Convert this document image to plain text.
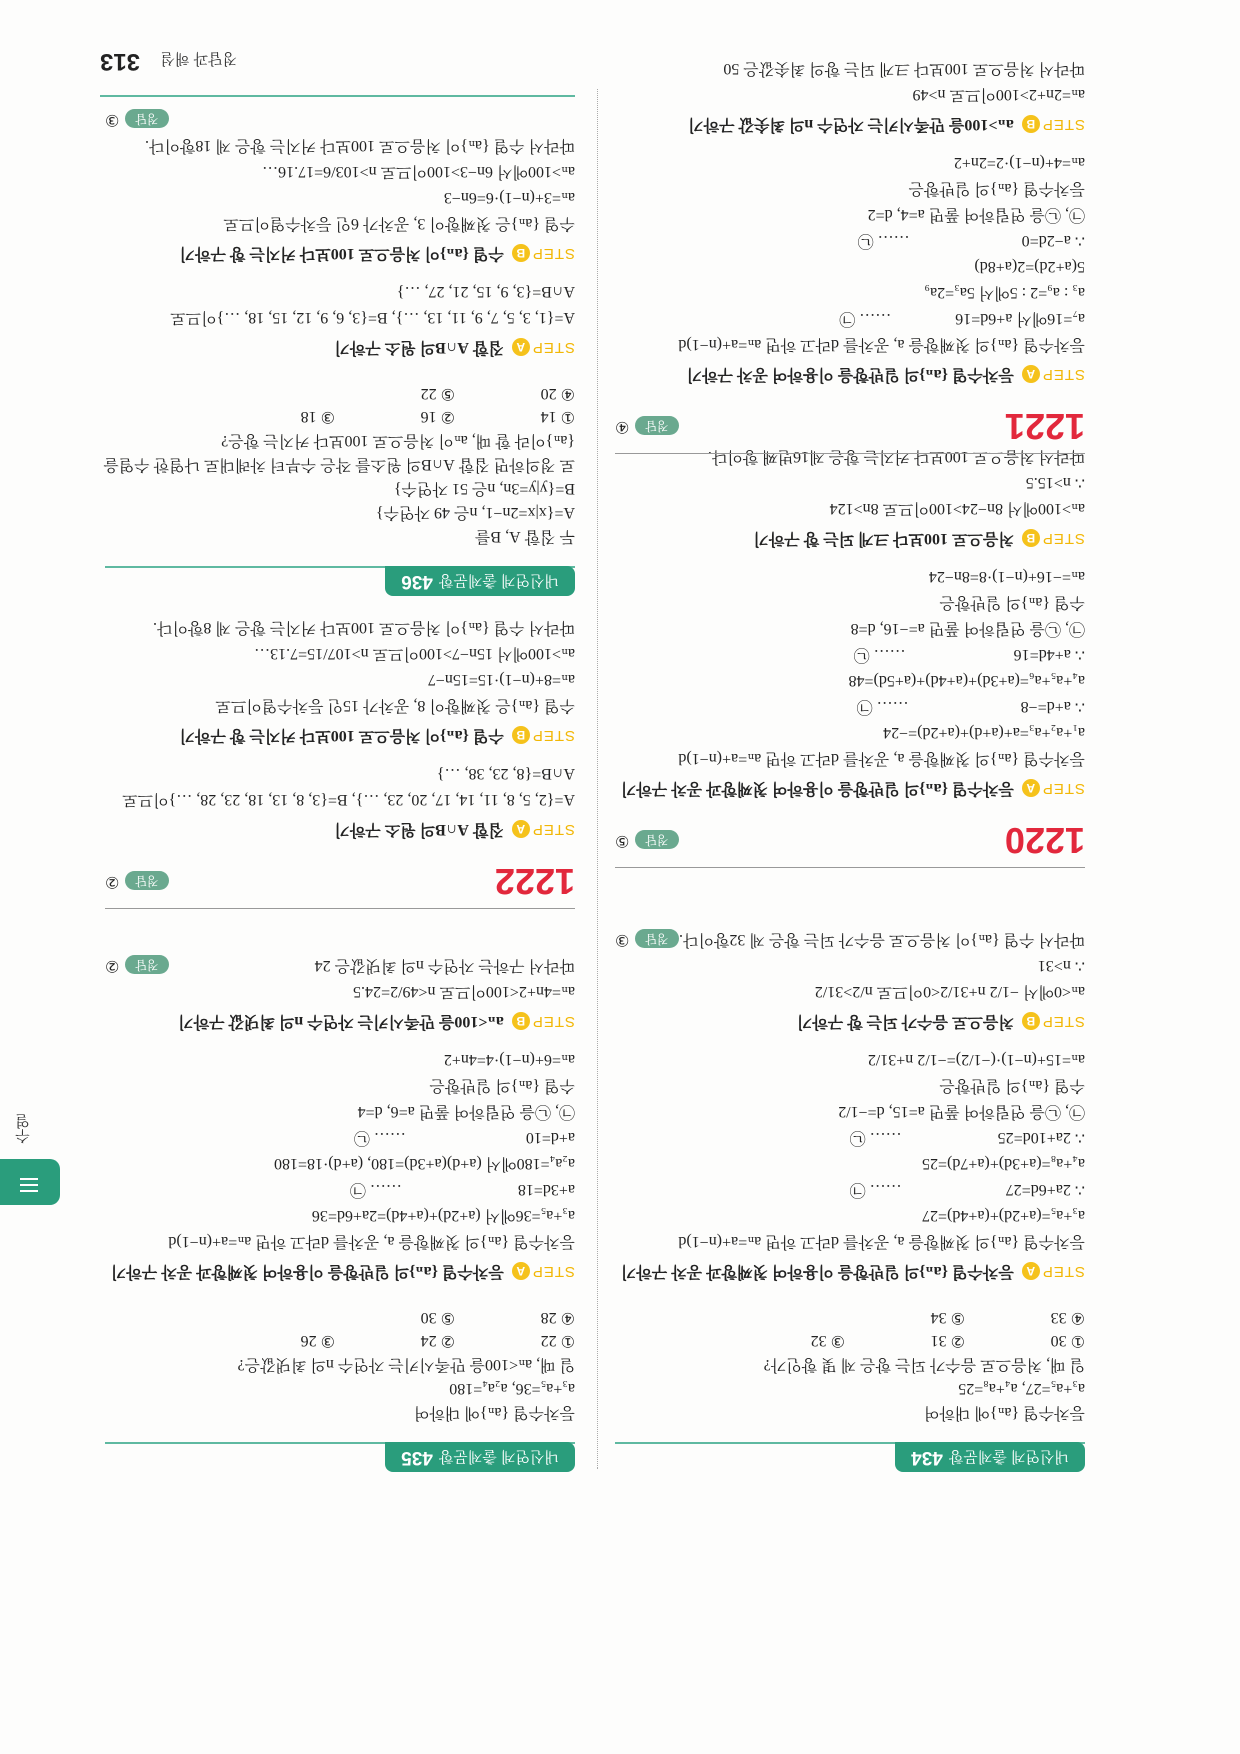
내신연계 출제문항434
등차수열 {aₙ}에 대하여
a₃+a₅=27, a₄+a₈=25
일 때, 처음으로 음수가 되는 항은 제 몇 항인가?
① 30
② 31
③ 32
④ 33
⑤ 34
STEP
A
등차수열 {aₙ}의 일반항을 이용하여 첫째항과 공차 구하기
등차수열 {aₙ}의 첫째항을 a, 공차를 d라고 하면 aₙ=a+(n−1)d
a₃+a₅=(a+2d)+(a+4d)=27
∴ 2a+6d=27                          …… ㉠
a₄+a₈=(a+3d)+(a+7d)=25
∴ 2a+10d=25                        …… ㉡
㉠, ㉡을 연립하여 풀면 a=15, d=−1/2
수열 {aₙ}의 일반항은
aₙ=15+(n−1)·(−1/2)=−1/2 n+31/2
STEP
B
처음으로 음수가 되는 항 구하기
aₙ<0에서 −1/2 n+31/2<0이므로 n/2>31/2
∴ n>31
따라서 수열 {aₙ}이 처음으로 음수가 되는 항은 제 32항이다.
정답③
1220
정답⑤
STEP
A
등차수열 {aₙ}의 일반항을 이용하여 첫째항과 공차 구하기
등차수열 {aₙ}의 첫째항을 a, 공차를 d라고 하면 aₙ=a+(n−1)d
a₁+a₂+a₃=a+(a+d)+(a+2d)=−24
∴ a+d=−8                            …… ㉠
a₄+a₅+a₆=(a+3d)+(a+4d)+(a+5d)=48
∴ a+4d=16                           …… ㉡
㉠, ㉡을 연립하여 풀면 a=−16, d=8
수열 {aₙ}의 일반항은
aₙ=−16+(n−1)·8=8n−24
STEP
B
처음으로 100보다 크게 되는 항 구하기
aₙ>100에서 8n−24>100이므로 8n>124
∴ n>15.5
따라서 처음으로 100보다 커지는 항은 제16번째 항이다.
1221
정답④
STEP
A
등차수열 {aₙ}의 일반항을 이용하여 공차 구하기
등차수열 {aₙ}의 첫째항을 a, 공차를 d라고 하면 aₙ=a+(n−1)d
a₇=16에서 a+6d=16                …… ㉠
a₃ : a₉=2 : 5에서 5a₃=2a₉
5(a+2d)=2(a+8d)
∴ a−2d=0                            …… ㉡
㉠, ㉡을 연립하여 풀면 a=4, d=2
등차수열 {aₙ}의 일반항은
aₙ=4+(n−1)·2=2n+2
STEP
B
aₙ>100을 만족시키는 자연수 n의 최솟값 구하기
aₙ=2n+2>100이므로 n>49
따라서 처음으로 100보다 크게 되는 항의 최솟값은 50
내신연계 출제문항435
등차수열 {aₙ}에 대하여
a₃+a₅=36, a₂a₄=180
일 때, aₙ<100을 만족시키는 자연수 n의 최댓값은?
① 22
② 24
③ 26
④ 28
⑤ 30
STEP
A
등차수열 {aₙ}의 일반항을 이용하여 첫째항과 공차 구하기
등차수열 {aₙ}의 첫째항을 a, 공차를 d라고 하면 aₙ=a+(n−1)d
a₃+a₅=36에서 (a+2d)+(a+4d)=2a+6d=36
a+3d=18                             …… ㉠
a₂a₄=180에서 (a+d)(a+3d)=180, (a+d)·18=180
a+d=10                              …… ㉡
㉠, ㉡을 연립하여 풀면 a=6, d=4
수열 {aₙ}의 일반항은
aₙ=6+(n−1)·4=4n+2
STEP
B
aₙ<100을 만족시키는 자연수 n의 최댓값 구하기
aₙ=4n+2<100이므로 n<49/2=24.5
따라서 구하는 자연수 n의 최댓값은 24
정답②
1222
정답②
STEP
A
집합 A∩B의 원소 구하기
A={2, 5, 8, 11, 14, 17, 20, 23, …}, B={3, 8, 13, 18, 23, 28, …}이므로
A∩B={8, 23, 38, …}
STEP
B
수열 {aₙ}이 처음으로 100보다 커지는 항 구하기
수열 {aₙ}은 첫째항이 8, 공차가 15인 등차수열이므로
aₙ=8+(n−1)·15=15n−7
aₙ>100에서 15n−7>100이므로 n>107/15=7.13…
따라서 수열 {aₙ}이 처음으로 100보다 커지는 항은 제 8항이다.
내신연계 출제문항436
두 집합 A, B를
A={x|x=2n−1, n은 49 자연수}
B={y|y=3n, n은 51 자연수}
로 정의하면 집합 A∩B의 원소를 작은 수부터 차례대로 나열한 수열을
{aₙ}이라 할 때, aₙ이 처음으로 100보다 커지는 항은?
① 14
② 16
③ 18
④ 20
⑤ 22
STEP
A
집합 A∩B의 원소 구하기
A={1, 3, 5, 7, 9, 11, 13, …}, B={3, 6, 9, 12, 15, 18, …}이므로
A∩B={3, 9, 15, 21, 27, …}
STEP
B
수열 {aₙ}이 처음으로 100보다 커지는 항 구하기
수열 {aₙ}은 첫째항이 3, 공차가 6인 등차수열이므로
aₙ=3+(n−1)·6=6n−3
aₙ>100에서 6n−3>100이므로 n>103/6=17.16…
따라서 수열 {aₙ}이 처음으로 100보다 커지는 항은 제 18항이다.
정답③
정답과 해설 313
수열
